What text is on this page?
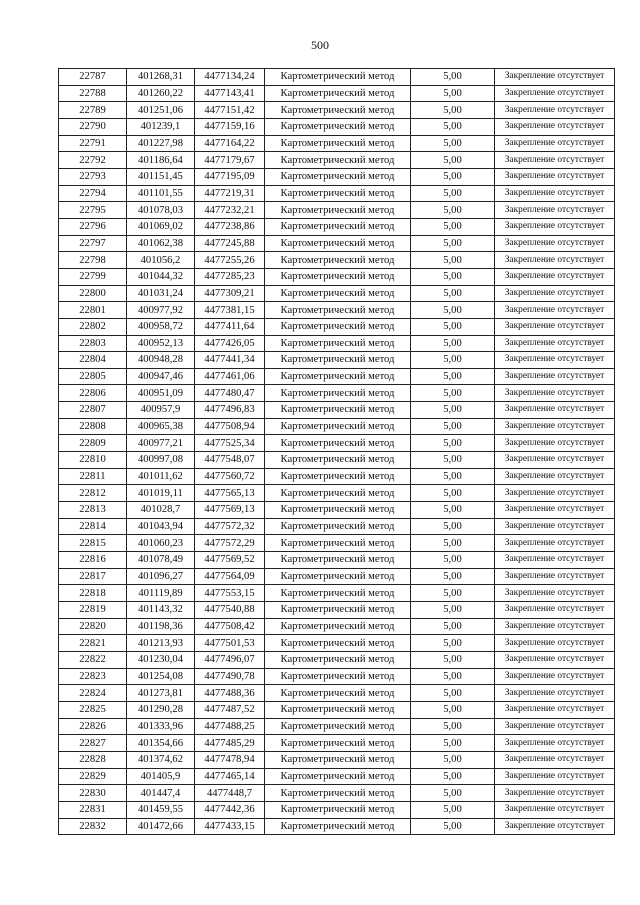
500
22787	401268,31	4477134,24	Картометрический метод	5,00	Закрепление отсутствует
22788	401260,22	4477143,41	Картометрический метод	5,00	Закрепление отсутствует
22789	401251,06	4477151,42	Картометрический метод	5,00	Закрепление отсутствует
22790	401239,1	4477159,16	Картометрический метод	5,00	Закрепление отсутствует
22791	401227,98	4477164,22	Картометрический метод	5,00	Закрепление отсутствует
22792	401186,64	4477179,67	Картометрический метод	5,00	Закрепление отсутствует
22793	401151,45	4477195,09	Картометрический метод	5,00	Закрепление отсутствует
22794	401101,55	4477219,31	Картометрический метод	5,00	Закрепление отсутствует
22795	401078,03	4477232,21	Картометрический метод	5,00	Закрепление отсутствует
22796	401069,02	4477238,86	Картометрический метод	5,00	Закрепление отсутствует
22797	401062,38	4477245,88	Картометрический метод	5,00	Закрепление отсутствует
22798	401056,2	4477255,26	Картометрический метод	5,00	Закрепление отсутствует
22799	401044,32	4477285,23	Картометрический метод	5,00	Закрепление отсутствует
22800	401031,24	4477309,21	Картометрический метод	5,00	Закрепление отсутствует
22801	400977,92	4477381,15	Картометрический метод	5,00	Закрепление отсутствует
22802	400958,72	4477411,64	Картометрический метод	5,00	Закрепление отсутствует
22803	400952,13	4477426,05	Картометрический метод	5,00	Закрепление отсутствует
22804	400948,28	4477441,34	Картометрический метод	5,00	Закрепление отсутствует
22805	400947,46	4477461,06	Картометрический метод	5,00	Закрепление отсутствует
22806	400951,09	4477480,47	Картометрический метод	5,00	Закрепление отсутствует
22807	400957,9	4477496,83	Картометрический метод	5,00	Закрепление отсутствует
22808	400965,38	4477508,94	Картометрический метод	5,00	Закрепление отсутствует
22809	400977,21	4477525,34	Картометрический метод	5,00	Закрепление отсутствует
22810	400997,08	4477548,07	Картометрический метод	5,00	Закрепление отсутствует
22811	401011,62	4477560,72	Картометрический метод	5,00	Закрепление отсутствует
22812	401019,11	4477565,13	Картометрический метод	5,00	Закрепление отсутствует
22813	401028,7	4477569,13	Картометрический метод	5,00	Закрепление отсутствует
22814	401043,94	4477572,32	Картометрический метод	5,00	Закрепление отсутствует
22815	401060,23	4477572,29	Картометрический метод	5,00	Закрепление отсутствует
22816	401078,49	4477569,52	Картометрический метод	5,00	Закрепление отсутствует
22817	401096,27	4477564,09	Картометрический метод	5,00	Закрепление отсутствует
22818	401119,89	4477553,15	Картометрический метод	5,00	Закрепление отсутствует
22819	401143,32	4477540,88	Картометрический метод	5,00	Закрепление отсутствует
22820	401198,36	4477508,42	Картометрический метод	5,00	Закрепление отсутствует
22821	401213,93	4477501,53	Картометрический метод	5,00	Закрепление отсутствует
22822	401230,04	4477496,07	Картометрический метод	5,00	Закрепление отсутствует
22823	401254,08	4477490,78	Картометрический метод	5,00	Закрепление отсутствует
22824	401273,81	4477488,36	Картометрический метод	5,00	Закрепление отсутствует
22825	401290,28	4477487,52	Картометрический метод	5,00	Закрепление отсутствует
22826	401333,96	4477488,25	Картометрический метод	5,00	Закрепление отсутствует
22827	401354,66	4477485,29	Картометрический метод	5,00	Закрепление отсутствует
22828	401374,62	4477478,94	Картометрический метод	5,00	Закрепление отсутствует
22829	401405,9	4477465,14	Картометрический метод	5,00	Закрепление отсутствует
22830	401447,4	4477448,7	Картометрический метод	5,00	Закрепление отсутствует
22831	401459,55	4477442,36	Картометрический метод	5,00	Закрепление отсутствует
22832	401472,66	4477433,15	Картометрический метод	5,00	Закрепление отсутствует
